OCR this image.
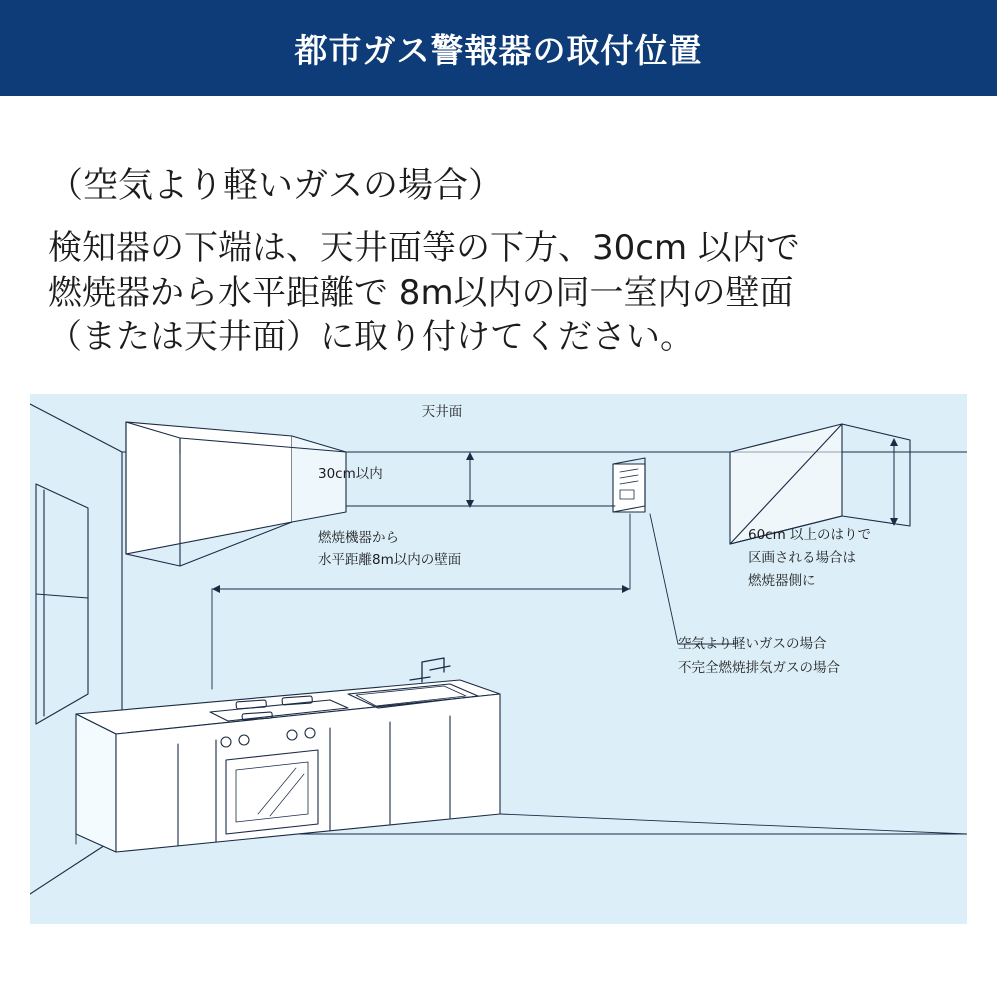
都市ガス警報器の取付位置
（空気より軽いガスの場合）
検知器の下端は、天井面等の下方、30cm 以内で
燃焼器から水平距離で 8m以内の同一室内の壁面
（または天井面）に取り付けてください。
天井面
30cm以内
燃焼機器から
水平距離8m以内の壁面
60cm 以上のはりで
区画される場合は
燃焼器側に
空気より軽いガスの場合
不完全燃焼排気ガスの場合
